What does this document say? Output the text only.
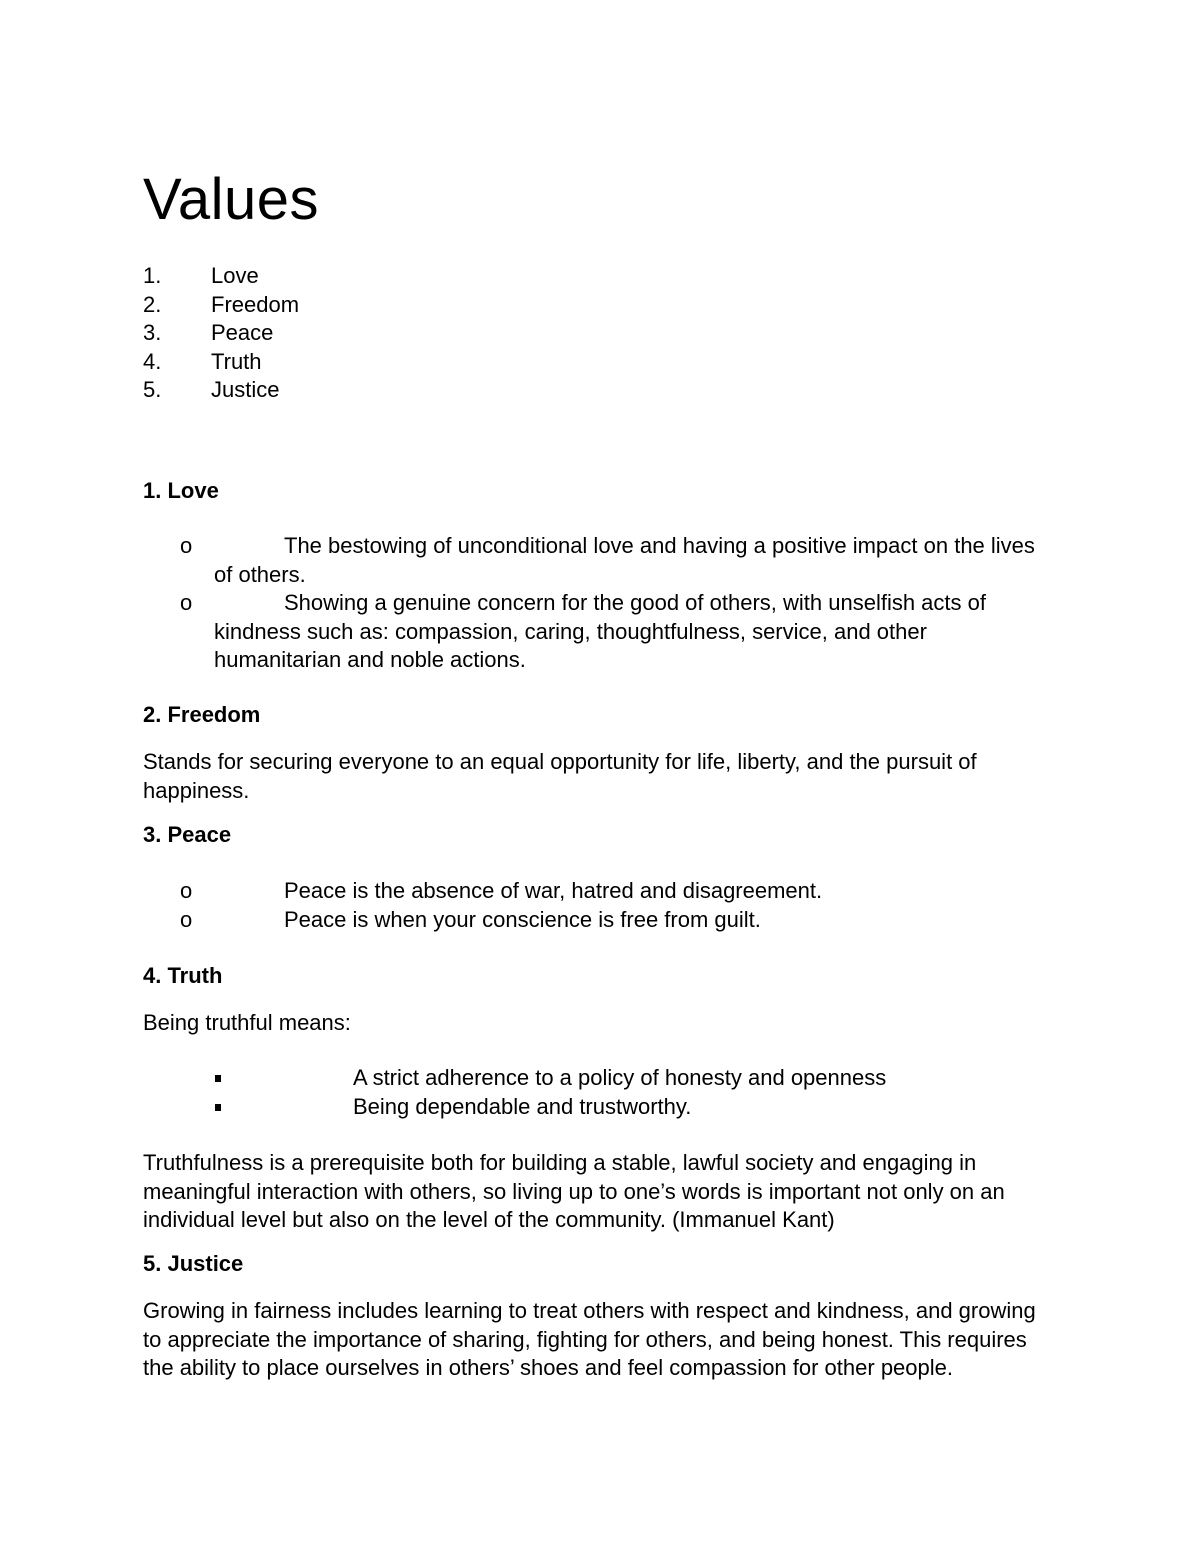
Values
1. Love
2. Freedom
3. Peace
4. Truth
5. Justice
1. Love
o	The bestowing of unconditional love and having a positive impact on the lives of others.
o	Showing a genuine concern for the good of others, with unselfish acts of kindness such as: compassion, caring, thoughtfulness, service, and other humanitarian and noble actions.
2. Freedom

Stands for securing everyone to an equal opportunity for life, liberty, and the pursuit of happiness.

3. Peace
o	Peace is the absence of war, hatred and disagreement.
o	Peace is when your conscience is free from guilt.
4. Truth

Being truthful means:

A strict adherence to a policy of honesty and openness
Being dependable and trustworthy.

Truthfulness is a prerequisite both for building a stable, lawful society and engaging in meaningful interaction with others, so living up to one’s words is important not only on an individual level but also on the level of the community. (Immanuel Kant)

5. Justice

Growing in fairness includes learning to treat others with respect and kindness, and growing to appreciate the importance of sharing, fighting for others, and being honest. This requires the ability to place ourselves in others’ shoes and feel compassion for other people.
